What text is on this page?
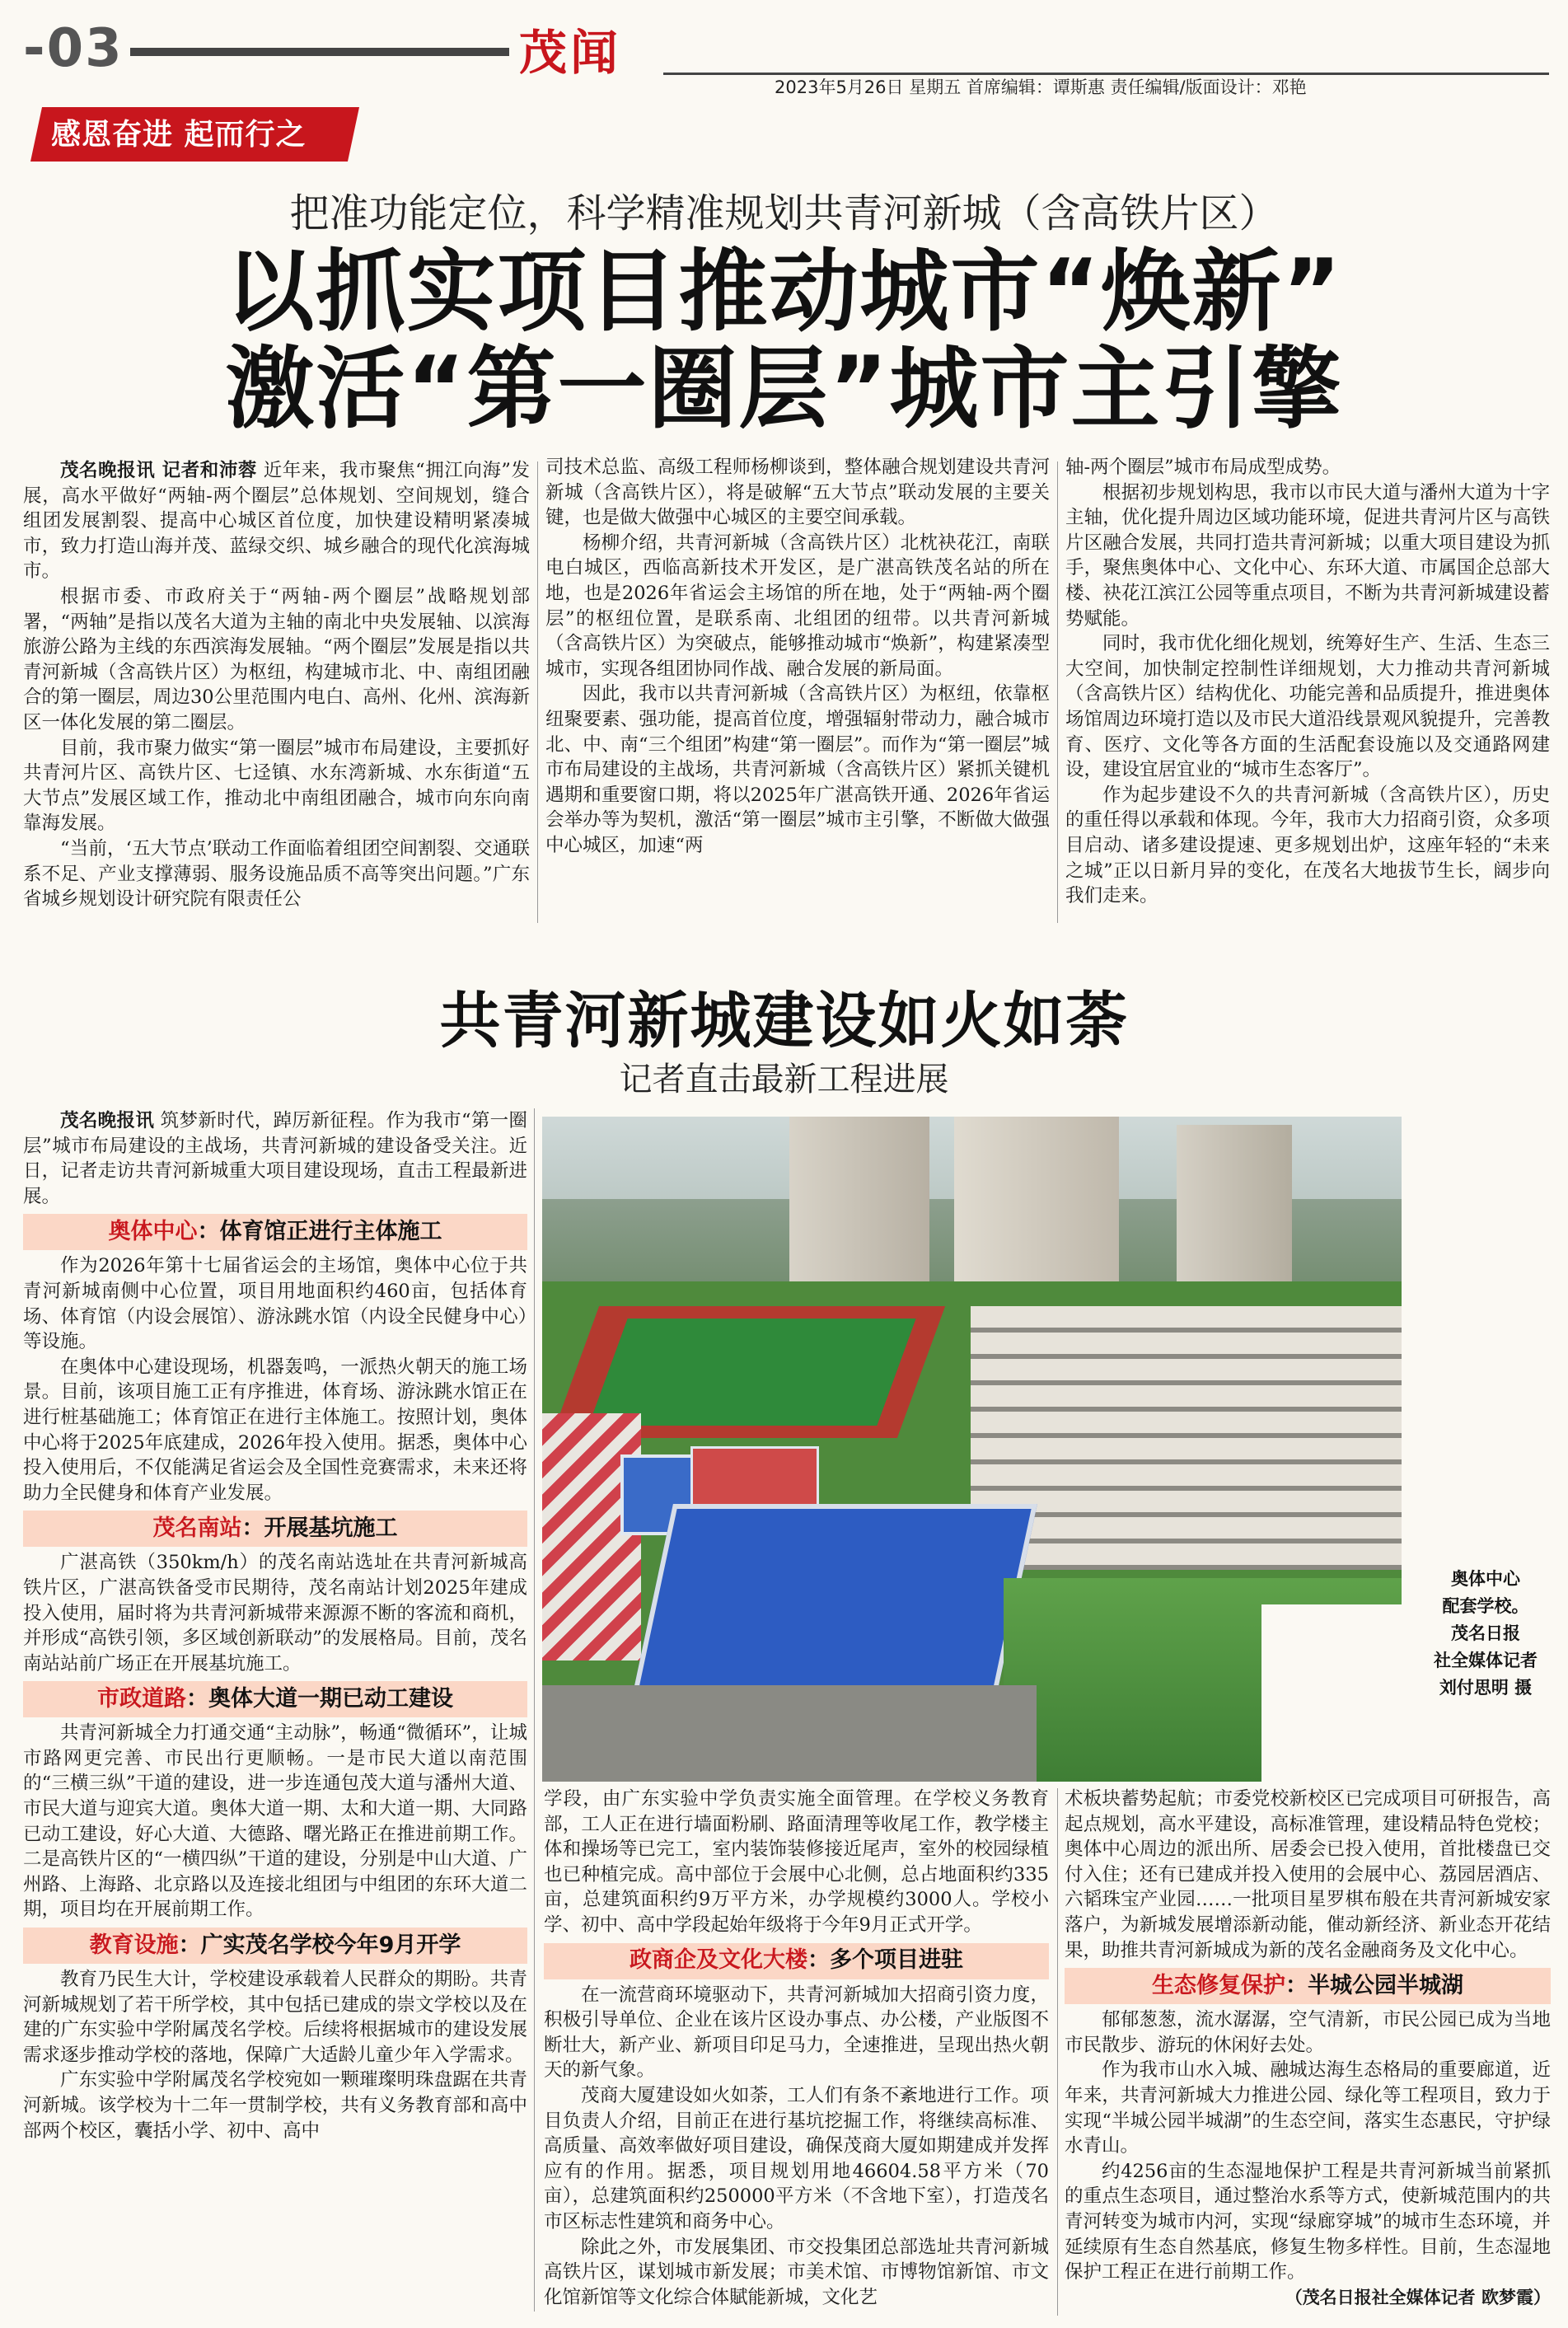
-03	茂闻
2023年5月26日 星期五 首席编辑：谭斯惠 责任编辑/版面设计：邓艳
感恩奋进 起而行之
把准功能定位，科学精准规划共青河新城（含高铁片区）
以抓实项目推动城市“焕新”
激活“第一圈层”城市主引擎

茂名晚报讯 记者和沛蓉 近年来，我市聚焦“拥江向海”发展，高水平做好“两轴-两个圈层”总体规划、空间规划，缝合组团发展割裂、提高中心城区首位度，加快建设精明紧凑城市，致力打造山海并茂、蓝绿交织、城乡融合的现代化滨海城市。

根据市委、市政府关于“两轴-两个圈层”战略规划部署，“两轴”是指以茂名大道为主轴的南北中央发展轴、以滨海旅游公路为主线的东西滨海发展轴。“两个圈层”发展是指以共青河新城（含高铁片区）为枢纽，构建城市北、中、南组团融合的第一圈层，周边30公里范围内电白、高州、化州、滨海新区一体化发展的第二圈层。

目前，我市聚力做实“第一圈层”城市布局建设，主要抓好共青河片区、高铁片区、七迳镇、水东湾新城、水东街道“五大节点”发展区域工作，推动北中南组团融合，城市向东向南靠海发展。

“当前，‘五大节点’联动工作面临着组团空间割裂、交通联系不足、产业支撑薄弱、服务设施品质不高等突出问题。”广东省城乡规划设计研究院有限责任公

司技术总监、高级工程师杨柳谈到，整体融合规划建设共青河新城（含高铁片区），将是破解“五大节点”联动发展的主要关键，也是做大做强中心城区的主要空间承载。

杨柳介绍，共青河新城（含高铁片区）北枕袂花江，南联电白城区，西临高新技术开发区，是广湛高铁茂名站的所在地，也是2026年省运会主场馆的所在地，处于“两轴-两个圈层”的枢纽位置，是联系南、北组团的纽带。以共青河新城（含高铁片区）为突破点，能够推动城市“焕新”，构建紧凑型城市，实现各组团协同作战、融合发展的新局面。

因此，我市以共青河新城（含高铁片区）为枢纽，依靠枢纽聚要素、强功能，提高首位度，增强辐射带动力，融合城市北、中、南“三个组团”构建“第一圈层”。而作为“第一圈层”城市布局建设的主战场，共青河新城（含高铁片区）紧抓关键机遇期和重要窗口期，将以2025年广湛高铁开通、2026年省运会举办等为契机，激活“第一圈层”城市主引擎，不断做大做强中心城区，加速“两

轴-两个圈层”城市布局成型成势。

根据初步规划构思，我市以市民大道与潘州大道为十字主轴，优化提升周边区域功能环境，促进共青河片区与高铁片区融合发展，共同打造共青河新城；以重大项目建设为抓手，聚焦奥体中心、文化中心、东环大道、市属国企总部大楼、袂花江滨江公园等重点项目，不断为共青河新城建设蓄势赋能。

同时，我市优化细化规划，统筹好生产、生活、生态三大空间，加快制定控制性详细规划，大力推动共青河新城（含高铁片区）结构优化、功能完善和品质提升，推进奥体场馆周边环境打造以及市民大道沿线景观风貌提升，完善教育、医疗、文化等各方面的生活配套设施以及交通路网建设，建设宜居宜业的“城市生态客厅”。

作为起步建设不久的共青河新城（含高铁片区），历史的重任得以承载和体现。今年，我市大力招商引资，众多项目启动、诸多建设提速、更多规划出炉，这座年轻的“未来之城”正以日新月异的变化，在茂名大地拔节生长，阔步向我们走来。

共青河新城建设如火如荼
记者直击最新工程进展

茂名晚报讯 筑梦新时代，踔厉新征程。作为我市“第一圈层”城市布局建设的主战场，共青河新城的建设备受关注。近日，记者走访共青河新城重大项目建设现场，直击工程最新进展。

奥体中心 ： 体育馆正进行主体施工

作为2026年第十七届省运会的主场馆，奥体中心位于共青河新城南侧中心位置，项目用地面积约460亩，包括体育场、体育馆（内设会展馆）、游泳跳水馆（内设全民健身中心）等设施。

在奥体中心建设现场，机器轰鸣，一派热火朝天的施工场景。目前，该项目施工正有序推进，体育场、游泳跳水馆正在进行桩基础施工；体育馆正在进行主体施工。按照计划，奥体中心将于2025年底建成，2026年投入使用。据悉，奥体中心投入使用后，不仅能满足省运会及全国性竞赛需求，未来还将助力全民健身和体育产业发展。

茂名南站 ： 开展基坑施工

广湛高铁（350km/h）的茂名南站选址在共青河新城高铁片区，广湛高铁备受市民期待，茂名南站计划2025年建成投入使用，届时将为共青河新城带来源源不断的客流和商机，并形成“高铁引领，多区域创新联动”的发展格局。目前，茂名南站站前广场正在开展基坑施工。

市政道路 ： 奥体大道一期已动工建设

共青河新城全力打通交通“主动脉”，畅通“微循环”，让城市路网更完善、市民出行更顺畅。一是市民大道以南范围的“三横三纵”干道的建设，进一步连通包茂大道与潘州大道、市民大道与迎宾大道。奥体大道一期、太和大道一期、大同路已动工建设，好心大道、大德路、曙光路正在推进前期工作。二是高铁片区的“一横四纵”干道的建设，分别是中山大道、广州路、上海路、北京路以及连接北组团与中组团的东环大道二期，项目均在开展前期工作。

教育设施 ： 广实茂名学校今年9月开学

教育乃民生大计，学校建设承载着人民群众的期盼。共青河新城规划了若干所学校，其中包括已建成的崇文学校以及在建的广东实验中学附属茂名学校。后续将根据城市的建设发展需求逐步推动学校的落地，保障广大适龄儿童少年入学需求。

广东实验中学附属茂名学校宛如一颗璀璨明珠盘踞在共青河新城。该学校为十二年一贯制学校，共有义务教育部和高中部两个校区，囊括小学、初中、高中

奥体中心
配套学校。
茂名日报
社全媒体记者
刘付思明 摄

学段，由广东实验中学负责实施全面管理。在学校义务教育部，工人正在进行墙面粉刷、路面清理等收尾工作，教学楼主体和操场等已完工，室内装饰装修接近尾声，室外的校园绿植也已种植完成。高中部位于会展中心北侧，总占地面积约335亩，总建筑面积约9万平方米，办学规模约3000人。学校小学、初中、高中学段起始年级将于今年9月正式开学。

政商企及文化大楼 ： 多个项目进驻

在一流营商环境驱动下，共青河新城加大招商引资力度，积极引导单位、企业在该片区设办事点、办公楼，产业版图不断壮大，新产业、新项目印足马力，全速推进，呈现出热火朝天的新气象。

茂商大厦建设如火如荼，工人们有条不紊地进行工作。项目负责人介绍，目前正在进行基坑挖掘工作，将继续高标准、高质量、高效率做好项目建设，确保茂商大厦如期建成并发挥应有的作用。据悉，项目规划用地46604.58平方米（70亩），总建筑面积约250000平方米（不含地下室），打造茂名市区标志性建筑和商务中心。

除此之外，市发展集团、市交投集团总部选址共青河新城高铁片区，谋划城市新发展；市美术馆、市博物馆新馆、市文化馆新馆等文化综合体賦能新城，文化艺

术板块蓄势起航；市委党校新校区已完成项目可研报告，高起点规划，高水平建设，高标准管理，建设精品特色党校；奥体中心周边的派出所、居委会已投入使用，首批楼盘已交付入住；还有已建成并投入使用的会展中心、荔园居酒店、六韬珠宝产业园……一批项目星罗棋布般在共青河新城安家落户，为新城发展增添新动能，催动新经济、新业态开花结果，助推共青河新城成为新的茂名金融商务及文化中心。

生态修复保护 ： 半城公园半城湖

郁郁葱葱，流水潺潺，空气清新，市民公园已成为当地市民散步、游玩的休闲好去处。

作为我市山水入城、融城达海生态格局的重要廊道，近年来，共青河新城大力推进公园、绿化等工程项目，致力于实现“半城公园半城湖”的生态空间，落实生态惠民，守护绿水青山。

约4256亩的生态湿地保护工程是共青河新城当前紧抓的重点生态项目，通过整治水系等方式，使新城范围内的共青河转变为城市内河，实现“绿廊穿城”的城市生态环境，并延续原有生态自然基底，修复生物多样性。目前，生态湿地保护工程正在进行前期工作。

（茂名日报社全媒体记者 欧梦霞）
